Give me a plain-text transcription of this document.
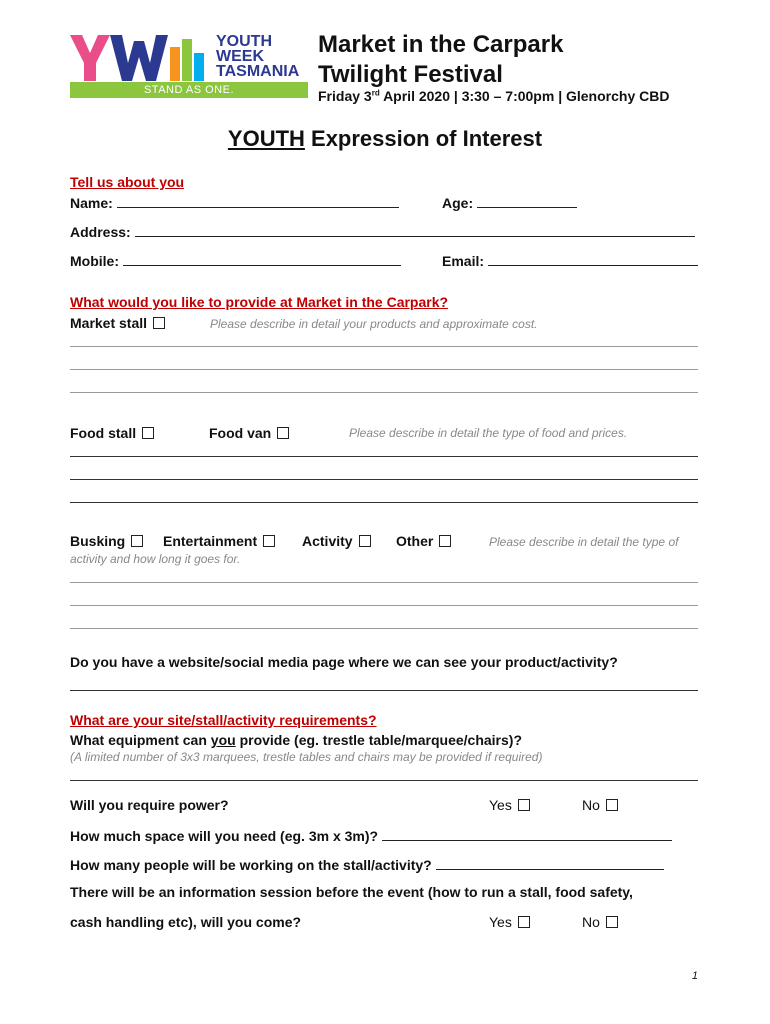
YOUTH
WEEK
TASMANIA
STAND AS ONE.
Market in the Carpark
Twilight Festival
Friday 3rd April 2020 | 3:30 – 7:00pm | Glenorchy CBD
YOUTH Expression of Interest
Tell us about you
Name:	Age:
Address:
Mobile:	Email:
What would you like to provide at Market in the Carpark?
Market stall	Please describe in detail your products and approximate cost.
Food stall	Food van	Please describe in detail the type of food and prices.
Busking	Entertainment	Activity	Other	Please describe in detail the type of
activity and how long it goes for.
Do you have a website/social media page where we can see your product/activity?
What are your site/stall/activity requirements?
What equipment can you provide (eg. trestle table/marquee/chairs)?
(A limited number of 3x3 marquees, trestle tables and chairs may be provided if required)
Will you require power?	Yes	No
How much space will you need (eg. 3m x 3m)?
How many people will be working on the stall/activity?
There will be an information session before the event (how to run a stall, food safety,
cash handling etc), will you come?	Yes	No
1
